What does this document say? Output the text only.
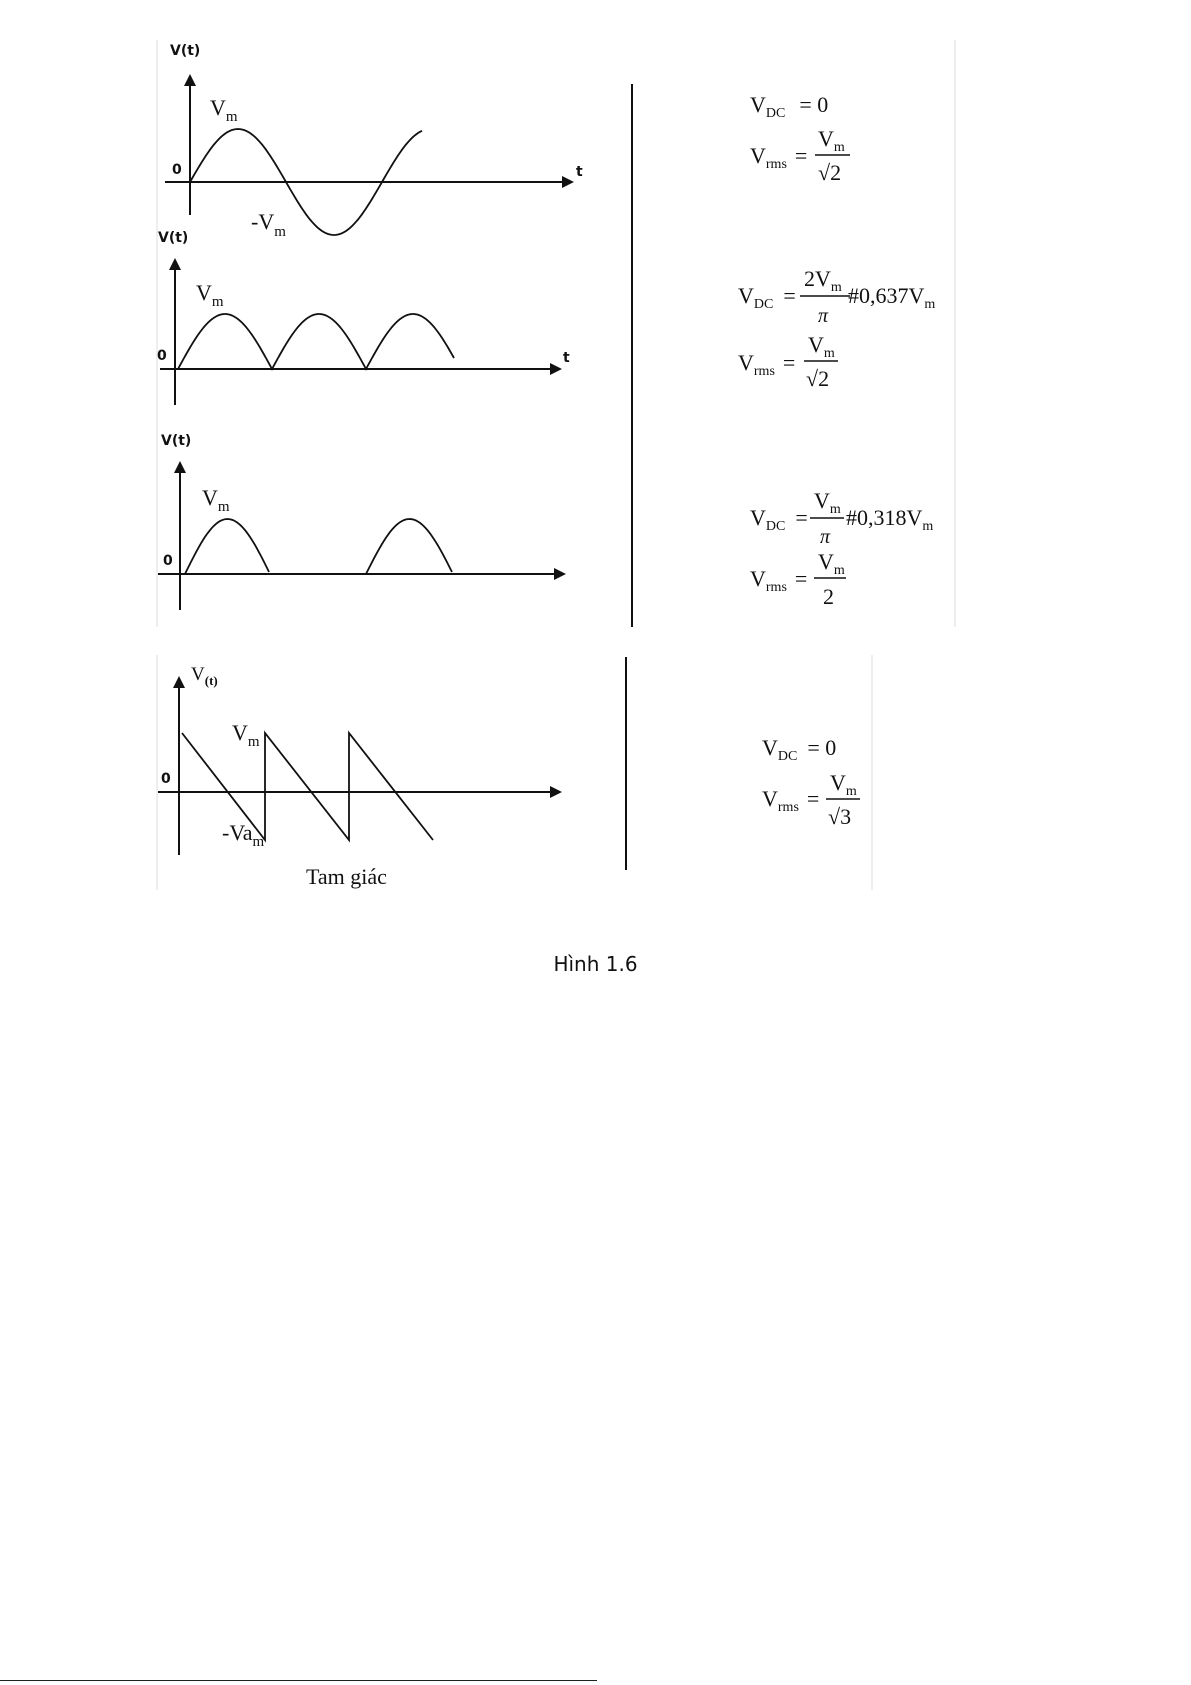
V(t)
0	t
$V_m$
$-V_m$
$V_{DC} = 0$
$V_{rms}$ =
$V_m$
√2
V(t)
0	t
$V_m$	$V_{DC}$ =
$2V_m$
π
$\#0,637V_m$
$V_{rms}$ =
$V_m$
√2
V(t)
0
$V_m$	$V_{DC}$ =
$V_m$
π
$\#0,318V_m$
$V_{rms}$ =
$V_m$
2
$V_{(t)}$
0
$V_m$
$-Va_m$
Tam giác
$V_{DC} = 0$
$V_{rms}$ =
$V_m$
√3
Hình 1.6
